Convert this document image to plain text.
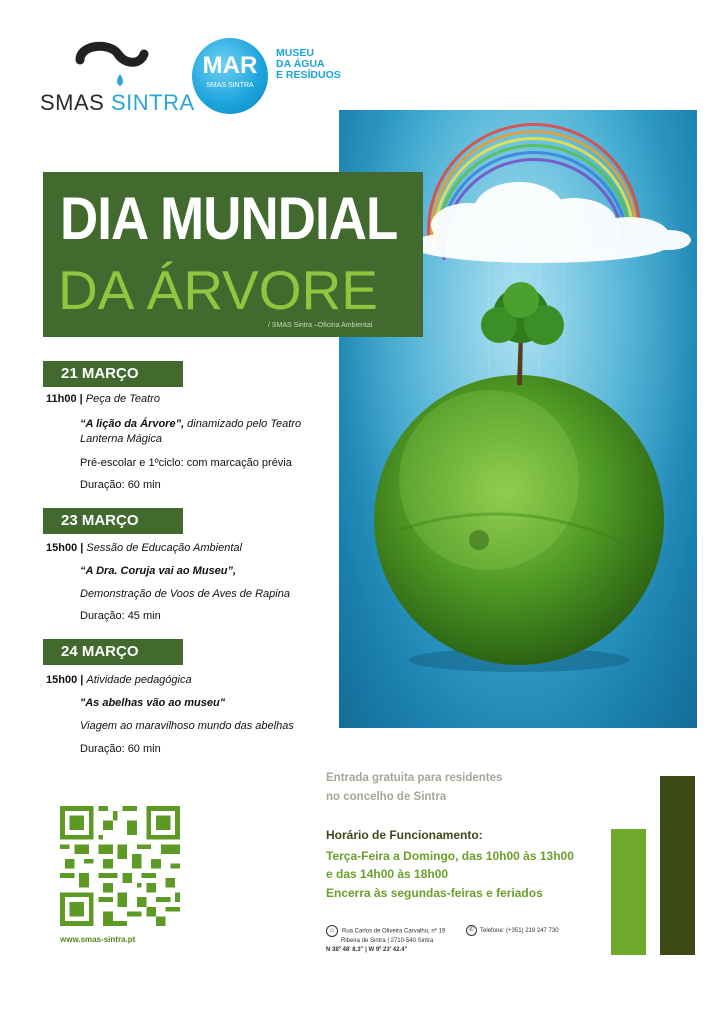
SMAS SINTRA
MAR
SMAS SINTRA
MUSEU
DA ÁGUA
E RESÍDUOS
DIA MUNDIAL
DA ÁRVORE
/ SMAS Sintra –Oficina Ambiental
21 MARÇO
11h00 | Peça de Teatro
“A lição da Árvore”, dinamizado pelo Teatro
Lanterna Mágica
Pré-escolar e 1ºciclo: com marcação prévia
Duração: 60 min
23 MARÇO
15h00 | Sessão de Educação Ambiental
“A Dra. Coruja vai ao Museu”,
Demonstração de Voos de Aves de Rapina
Duração: 45 min
24 MARÇO
15h00 | Atividade pedagógica
"As abelhas vão ao museu"
Viagem ao maravilhoso mundo das abelhas
Duração: 60 min
www.smas-sintra.pt
Entrada gratuita para residentes
no concelho de Sintra
Horário de Funcionamento:
Terça-Feira a Domingo, das 10h00 às 13h00
e das 14h00 às 18h00
Encerra às segundas-feiras e feriados
⌂ Rua Carlos de Oliveira Carvalho, nº 19
Ribeira de Sintra | 2710-540 Sintra
N 38º 48' 8.3'' | W 9º 23' 42.4''
✆ Telefone: (+351) 219 247 730
